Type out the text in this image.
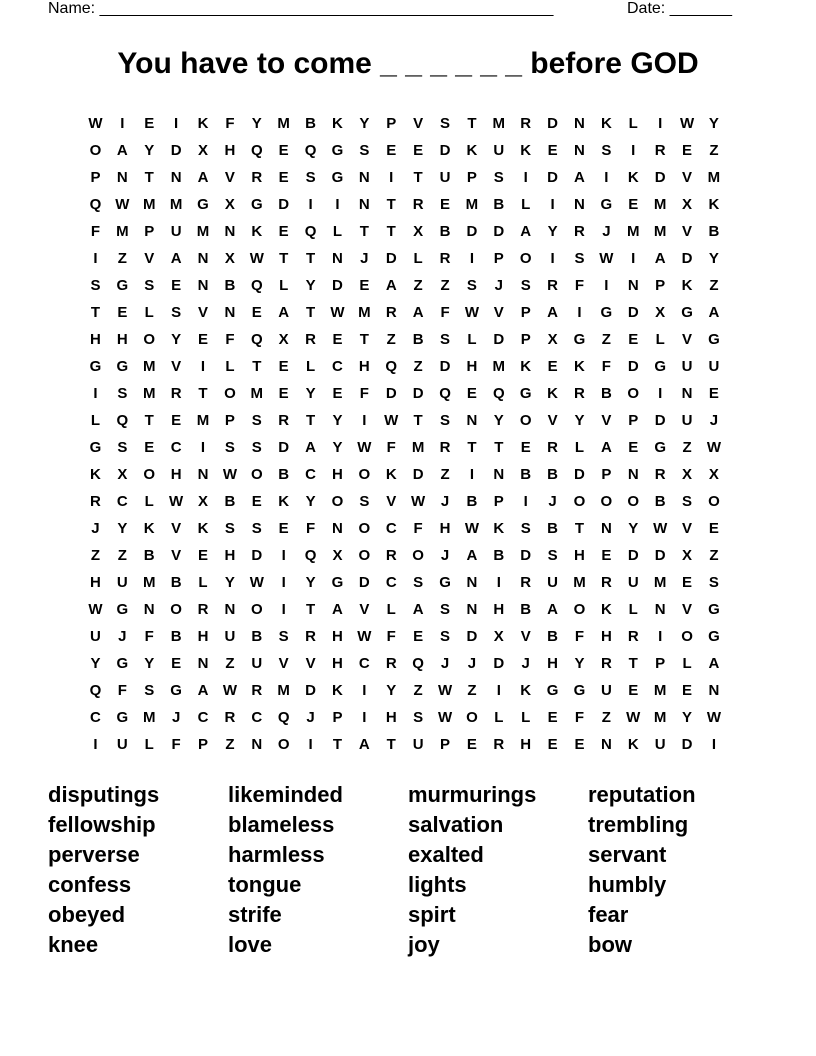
Name: ___________________________________________________	Date: _______
You have to come _ _ _ _ _ _ before GOD
W	I	E	I	K	F	Y	M	B	K	Y	P	V	S	T	M	R	D	N	K	L	I	W Y
O	A	Y	D	X	H	Q	E	Q	G	S	E	E	D	K	U	K	E	N	S	I	R	E	Z
P	N	T	N	A	V	R	E	S	G	N	I	T	U	P	S	I	D	A	I	K	D	V	M
Q W M M G	X	G	D	I	I	N	T	R	E	M	B	L	I	N	G	E	M	X	K
F	M	P	U	M	N	K	E	Q	L	T	T	X	B	D	D	A	Y	R	J	M M	V	B
I	Z	V	A	N	X W	T	T	N	J	D	L	R	I	P	O	I	S W	I	A	D	Y
S	G	S	E	N	B	Q	L	Y	D	E	A	Z	Z	S	J	S	R	F	I	N	P	K	Z
T	E	L	S	V	N	E	A	T	W M	R	A	F	W V	P	A	I	G	D	X	G	A
H	H	O	Y	E	F	Q	X	R	E	T	Z	B	S	L	D	P	X	G	Z	E	L	V	G
G	G M	V	I	L	T	E	L	C	H	Q	Z	D	H	M	K	E	K	F	D	G	U	U
I	S	M	R	T	O M	E	Y	E	F	D	D	Q	E	Q	G	K	R	B	O	I	N	E
L	Q	T	E	M	P	S	R	T	Y	I	W	T	S	N	Y	O	V	Y	V	P	D	U	J
G	S	E	C	I	S	S	D	A	Y W	F	M	R	T	T	E	R	L	A	E	G	Z	W
K	X	O	H	N W O	B	C	H	O	K	D	Z	I	N	B	B	D	P	N	R	X	X
R	C	L	W X	B	E	K	Y	O	S	V W	J	B	P	I	J	O	O	O	B	S	O
J	Y	K	V	K	S	S	E	F	N	O	C	F	H W K	S	B	T	N	Y W V	E
Z	Z	B	V	E	H	D	I	Q	X	O	R	O	J	A	B	D	S	H	E	D	D	X	Z
H	U	M	B	L	Y W	I	Y	G	D	C	S	G	N	I	R	U	M	R	U	M	E	S
W G	N	O	R	N	O	I	T	A	V	L	A	S	N	H	B	A	O	K	L	N	V	G
U	J	F	B	H	U	B	S	R	H W	F	E	S	D	X	V	B	F	H	R	I	O	G
Y	G	Y	E	N	Z	U	V	V	H	C	R	Q	J	J	D	J	H	Y	R	T	P	L	A
Q	F	S	G	A W R	M	D	K	I	Y	Z	W	Z	I	K	G	G	U	E	M	E	N
C	G M	J	C	R	C	Q	J	P	I	H	S W O	L	L	E	F	Z	W M	Y W
I	U	L	F	P	Z	N	O	I	T	A	T	U	P	E	R	H	E	E	N	K	U	D	I
disputings	likeminded	murmurings	reputation
fellowship	blameless	salvation	trembling
perverse	harmless	exalted	servant
confess	tongue	lights	humbly
obeyed	strife	spirt	fear
knee	love	joy	bow
